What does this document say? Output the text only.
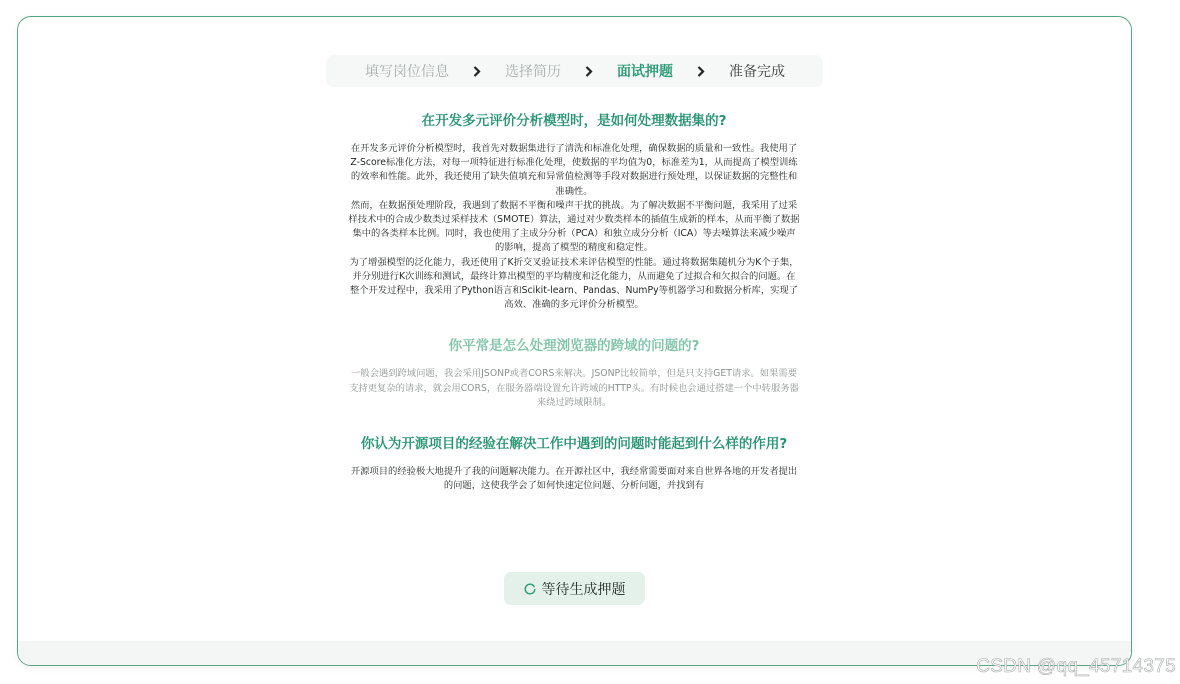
填写岗位信息	选择简历	面试押题	准备完成
在开发多元评价分析模型时，是如何处理数据集的?

在开发多元评价分析模型时，我首先对数据集进行了清洗和标准化处理，确保数据的质量和一致性。我使用了Z-Score标准化方法，对每一项特征进行标准化处理，使数据的平均值为0，标准差为1，从而提高了模型训练的效率和性能。此外，我还使用了缺失值填充和异常值检测等手段对数据进行预处理，以保证数据的完整性和准确性。

然而，在数据预处理阶段，我遇到了数据不平衡和噪声干扰的挑战。为了解决数据不平衡问题，我采用了过采样技术中的合成少数类过采样技术（SMOTE）算法，通过对少数类样本的插值生成新的样本，从而平衡了数据集中的各类样本比例。同时，我也使用了主成分分析（PCA）和独立成分分析（ICA）等去噪算法来减少噪声的影响，提高了模型的精度和稳定性。

为了增强模型的泛化能力，我还使用了K折交叉验证技术来评估模型的性能。通过将数据集随机分为K个子集，并分别进行K次训练和测试，最终计算出模型的平均精度和泛化能力，从而避免了过拟合和欠拟合的问题。在整个开发过程中，我采用了Python语言和Scikit-learn、Pandas、NumPy等机器学习和数据分析库，实现了高效、准确的多元评价分析模型。

你平常是怎么处理浏览器的跨域的问题的?

一般会遇到跨域问题，我会采用JSONP或者CORS来解决。JSONP比较简单，但是只支持GET请求。如果需要支持更复杂的请求，就会用CORS，在服务器端设置允许跨域的HTTP头。有时候也会通过搭建一个中转服务器来绕过跨域限制。

你认为开源项目的经验在解决工作中遇到的问题时能起到什么样的作用?

开源项目的经验极大地提升了我的问题解决能力。在开源社区中，我经常需要面对来自世界各地的开发者提出的问题，这使我学会了如何快速定位问题、分析问题，并找到有

等待生成押题
CSDN @qq_45714375
